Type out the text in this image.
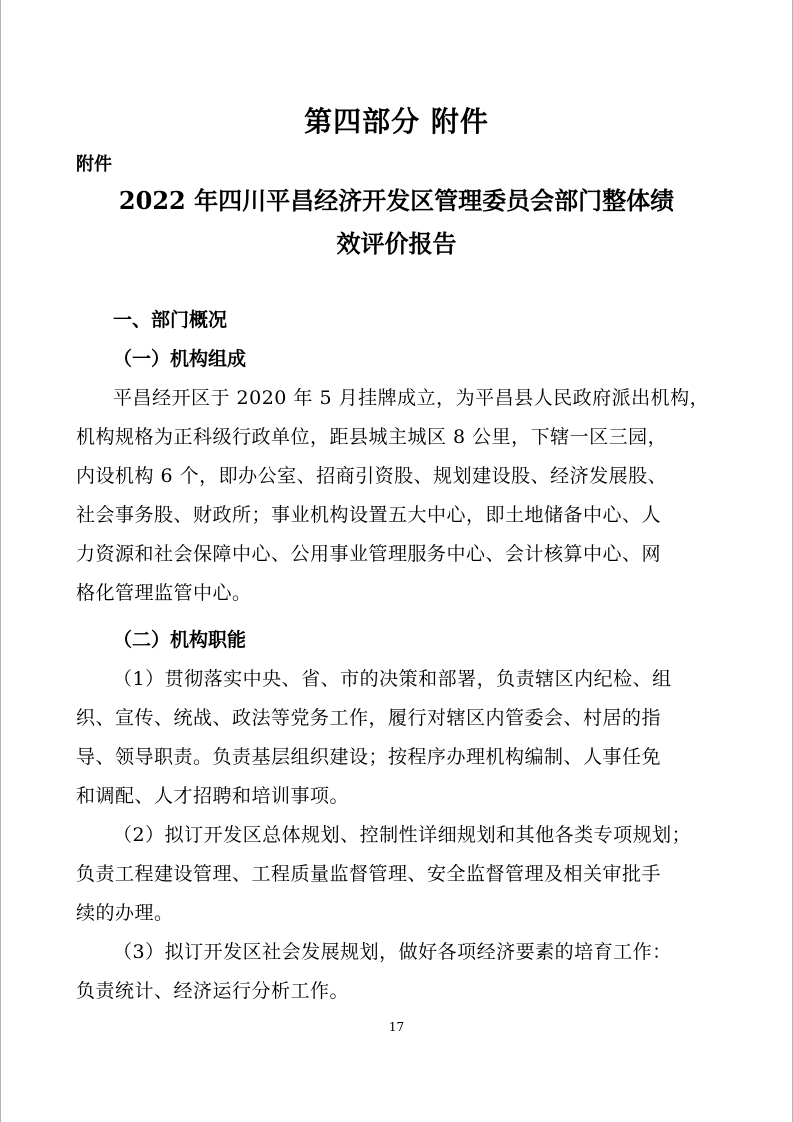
第四部分 附件

附件

2022 年四川平昌经济开发区管理委员会部门整体绩
效评价报告
一、部门概况
（一）机构组成

平昌经开区于 2020 年 5 月挂牌成立，为平昌县人民政府派出机构，

机构规格为正科级行政单位，距县城主城区 8 公里，下辖一区三园，

内设机构 6 个，即办公室、招商引资股、规划建设股、经济发展股、

社会事务股、财政所；事业机构设置五大中心，即土地储备中心、人

力资源和社会保障中心、公用事业管理服务中心、会计核算中心、网

格化管理监管中心。

（二）机构职能

（1）贯彻落实中央、省、市的决策和部署，负责辖区内纪检、组

织、宣传、统战、政法等党务工作，履行对辖区内管委会、村居的指

导、领导职责。负责基层组织建设；按程序办理机构编制、人事任免

和调配、人才招聘和培训事项。

（2）拟订开发区总体规划、控制性详细规划和其他各类专项规划；

负责工程建设管理、工程质量监督管理、安全监督管理及相关审批手

续的办理。

（3）拟订开发区社会发展规划，做好各项经济要素的培育工作：

负责统计、经济运行分析工作。

17
